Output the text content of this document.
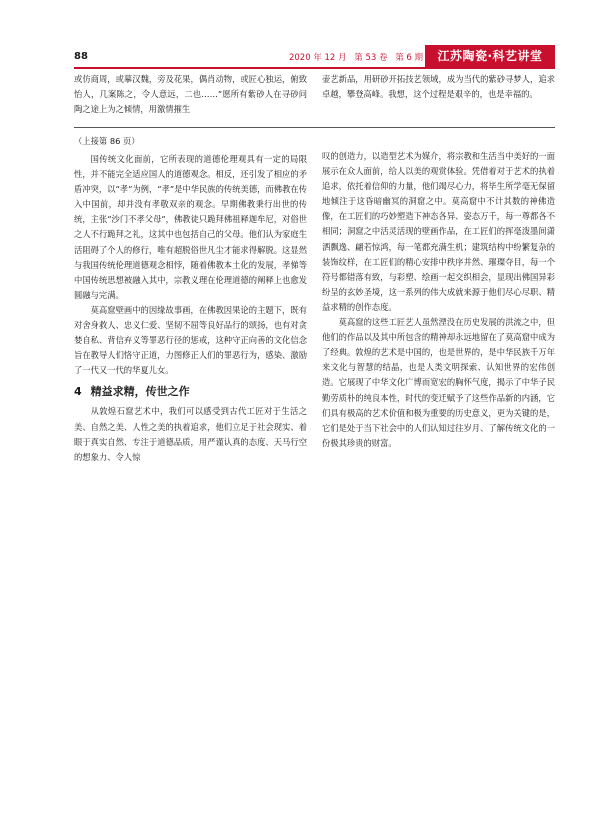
88	2020 年 12 月 第 53 卷 第 6 期	江苏陶瓷·科艺讲堂

或仿商周，或摹汉魏，旁及花果，偶肖动物，或匠心独运，俯致怡人，几案陈之，令人意远，二也……”愿所有紫砂人在寻砂问陶之途上为之倾情，用激情摧生

壶艺新品，用研砂开拓技艺领域，成为当代的紫砂寻梦人，追求卓越，攀登高峰。我想，这个过程是艰辛的，也是幸福的。

（上接第 86 页）

国传统文化面前，它所表现的道德伦理观具有一定的局限性，并不能完全适应国人的道德观念。相反，还引发了相应的矛盾冲突，以“孝”为例，“孝”是中华民族的传统美德，而佛教在传入中国前，却并没有孝敬双亲的观念。早期佛教秉行出世的传统，主张“沙门不孝父母”，佛教徒只跪拜佛祖释迦牟尼，对俗世之人不行跪拜之礼，这其中也包括自己的父母。他们认为家庭生活阻碍了个人的修行，唯有超脱俗世凡尘才能求得解脱。这显然与我国传统伦理道德观念相悖，随着佛教本土化的发展，孝悌等中国传统思想被融入其中，宗教义理在伦理道德的阐释上也愈发圆融与完满。

莫高窟壁画中的因缘故事画，在佛教因果论的主题下，既有对舍身救人、忠义仁爱、坚韧不屈等良好品行的颂扬，也有对贪婪自私、背信弃义等罪恶行径的惩戒，这种守正向善的文化信念旨在教导人们恪守正道，力图修正人们的罪恶行为，感染、激励了一代又一代的华夏儿女。

4 精益求精，传世之作

从敦煌石窟艺术中，我们可以感受到古代工匠对于生活之美、自然之美、人性之美的执着追求，他们立足于社会现实、着眼于真实自然、专注于道德品质，用严谨认真的态度、天马行空的想象力、令人惊

叹的创造力，以造型艺术为媒介，将宗教和生活当中美好的一面展示在众人面前，给人以美的观赏体验。凭借着对于艺术的执着追求，依托着信仰的力量，他们竭尽心力，将毕生所学毫无保留地倾注于这昏暗幽冥的洞窟之中。莫高窟中不计其数的神佛造像，在工匠们的巧妙塑造下神态各异、姿态万千，每一尊都各不相同；洞窟之中活灵活现的壁画作品，在工匠们的挥毫泼墨间潇洒飘逸、翩若惊鸿，每一笔都充满生机；建筑结构中纷繁复杂的装饰纹样，在工匠们的精心安排中秩序井然、璀璨夺目，每一个符号都错落有致，与彩塑、绘画一起交织相会，显现出佛国异彩纷呈的玄妙圣境，这一系列的伟大成就来源于他们尽心尽职、精益求精的创作态度。

莫高窟的这些工匠艺人虽然湮没在历史发展的洪流之中，但他们的作品以及其中所包含的精神却永远地留在了莫高窟中成为了经典。敦煌的艺术是中国的，也是世界的，是中华民族千万年来文化与智慧的结晶，也是人类文明探索、认知世界的宏伟创造。它展现了中华文化广博而宽宏的胸怀气度，揭示了中华子民勤劳质朴的纯良本性，时代的变迁赋予了这些作品新的内涵，它们具有极高的艺术价值和极为重要的历史意义，更为关键的是，它们是处于当下社会中的人们认知过往岁月、了解传统文化的一份极其珍贵的财富。
